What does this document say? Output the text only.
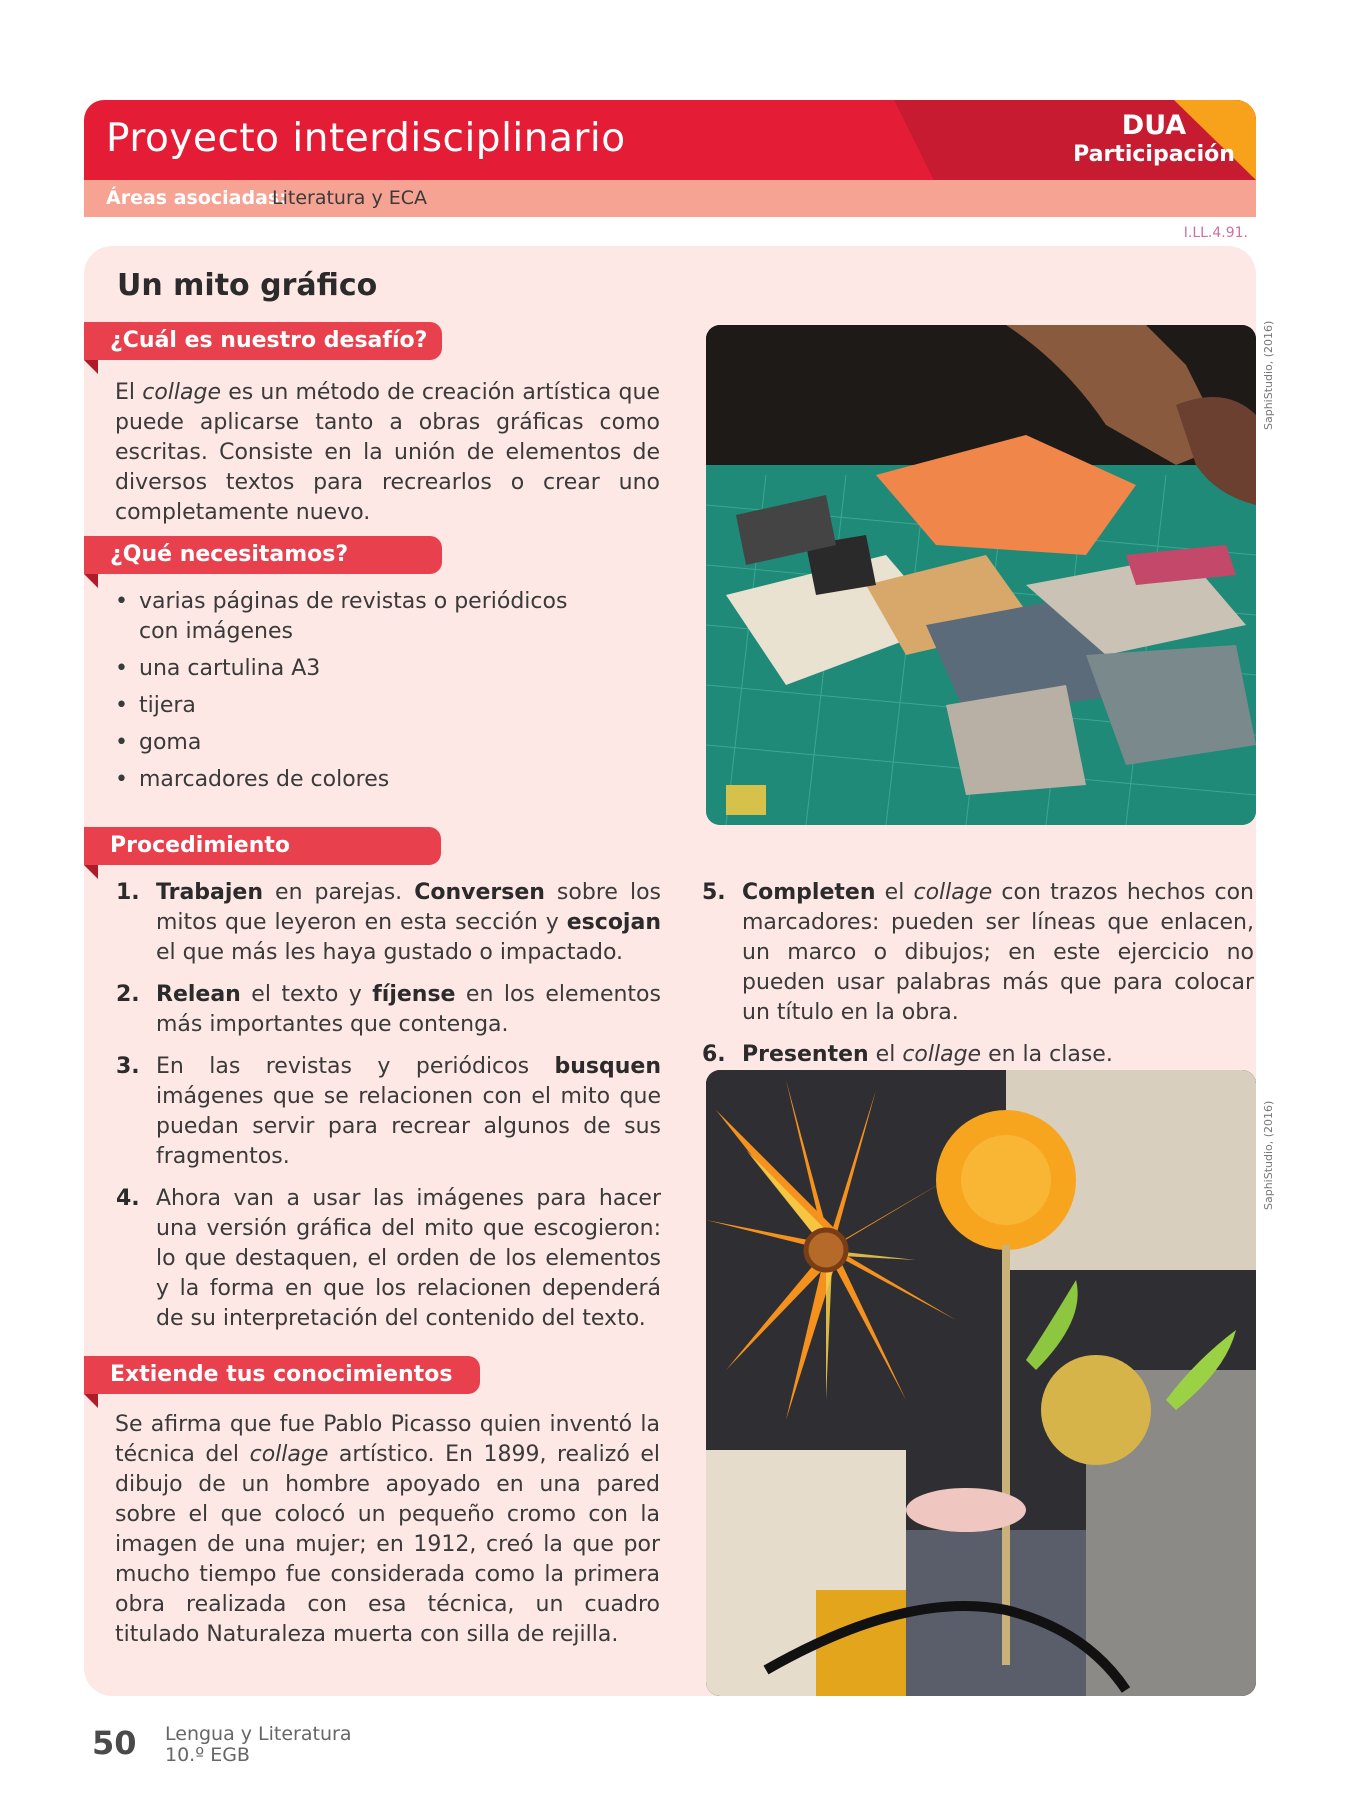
Proyecto interdisciplinario	DUA
Participación
Áreas asociadas:
Literatura y ECA
I.LL.4.91.
Un mito gráfico
¿Cuál es nuestro desafío?

El collage es un método de creación artística que puede aplicarse tanto a obras gráficas como escritas. Consiste en la unión de elementos de diversos textos para recrearlos o crear uno completamente nuevo.

¿Qué necesitamos?
• varias páginas de revistas o periódicos con imágenes
• una cartulina A3
• tijera
• goma
• marcadores de colores
Procedimiento
1. Trabajen en parejas. Conversen sobre los mitos que leyeron en esta sección y escojan el que más les haya gustado o impactado.
2. Relean el texto y fíjense en los elementos más importantes que contenga.
3. En las revistas y periódicos busquen imágenes que se relacionen con el mito que puedan servir para recrear algunos de sus fragmentos.
4. Ahora van a usar las imágenes para hacer una versión gráfica del mito que escogieron: lo que destaquen, el orden de los elementos y la forma en que los relacionen dependerá de su interpretación del contenido del texto.
5. Completen el collage con trazos hechos con marcadores: pueden ser líneas que enlacen, un marco o dibujos; en este ejercicio no pueden usar palabras más que para colocar un título en la obra.
6. Presenten el collage en la clase.
Extiende tus conocimientos

Se afirma que fue Pablo Picasso quien inventó la técnica del collage artístico. En 1899, realizó el dibujo de un hombre apoyado en una pared sobre el que colocó un pequeño cromo con la imagen de una mujer; en 1912, creó la que por mucho tiempo fue considerada como la primera obra realizada con esa técnica, un cuadro titulado Naturaleza muerta con silla de rejilla.

SaphiStudio, (2016)
SaphiStudio, (2016)
50 Lengua y Literatura
10.º EGB
